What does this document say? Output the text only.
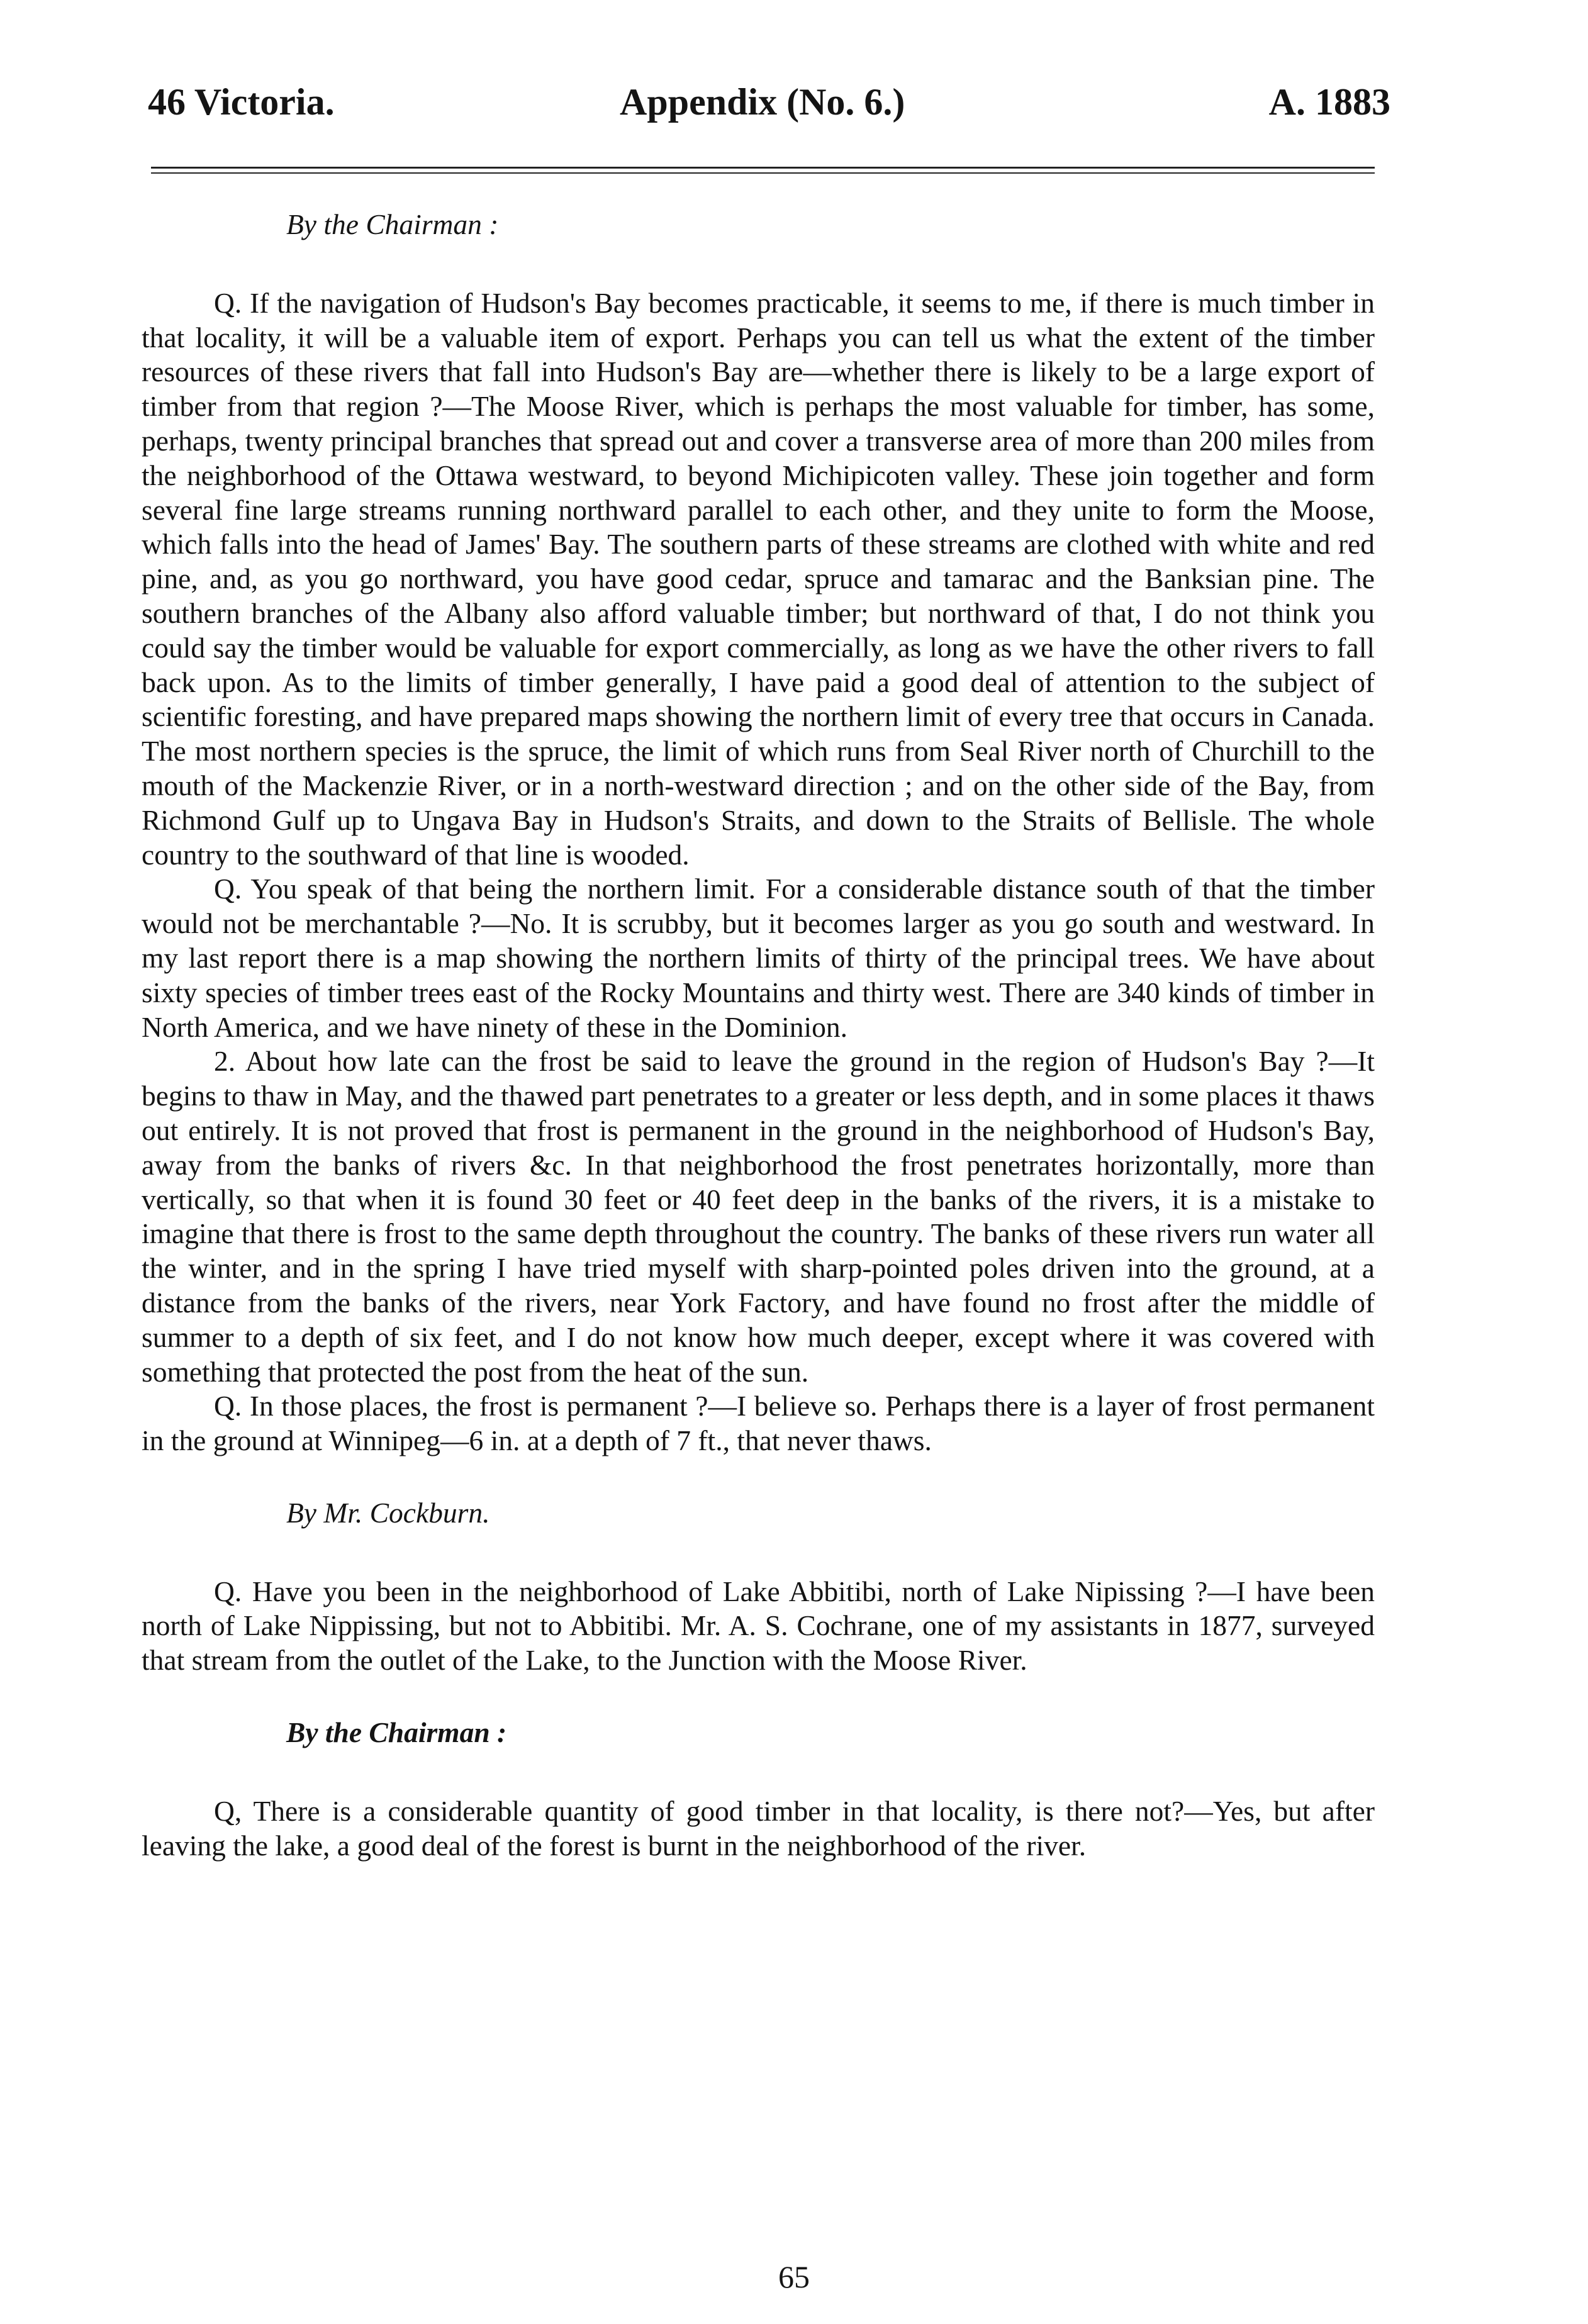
46 Victoria.	Appendix (No. 6.)	A. 1883

By the Chairman :

Q. If the navigation of Hudson's Bay becomes practicable, it seems to me, if there is much timber in that locality, it will be a valuable item of export. Perhaps you can tell us what the extent of the timber resources of these rivers that fall into Hudson's Bay are—whether there is likely to be a large export of timber from that region ?—The Moose River, which is perhaps the most valuable for timber, has some, perhaps, twenty principal branches that spread out and cover a transverse area of more than 200 miles from the neighborhood of the Ottawa westward, to beyond Michipicoten valley. These join together and form several fine large streams running northward parallel to each other, and they unite to form the Moose, which falls into the head of James' Bay. The southern parts of these streams are clothed with white and red pine, and, as you go northward, you have good cedar, spruce and tamarac and the Banksian pine. The southern branches of the Albany also afford valuable timber; but northward of that, I do not think you could say the timber would be valuable for export commercially, as long as we have the other rivers to fall back upon. As to the limits of timber generally, I have paid a good deal of attention to the subject of scientific foresting, and have prepared maps showing the northern limit of every tree that occurs in Canada. The most northern species is the spruce, the limit of which runs from Seal River north of Churchill to the mouth of the Mackenzie River, or in a north-westward direction ; and on the other side of the Bay, from Richmond Gulf up to Ungava Bay in Hudson's Straits, and down to the Straits of Bellisle. The whole country to the southward of that line is wooded.

Q. You speak of that being the northern limit. For a considerable distance south of that the timber would not be merchantable ?—No. It is scrubby, but it becomes larger as you go south and westward. In my last report there is a map showing the northern limits of thirty of the principal trees. We have about sixty species of timber trees east of the Rocky Mountains and thirty west. There are 340 kinds of timber in North America, and we have ninety of these in the Dominion.

2. About how late can the frost be said to leave the ground in the region of Hudson's Bay ?—It begins to thaw in May, and the thawed part penetrates to a greater or less depth, and in some places it thaws out entirely. It is not proved that frost is permanent in the ground in the neighborhood of Hudson's Bay, away from the banks of rivers &c. In that neighborhood the frost penetrates horizontally, more than vertically, so that when it is found 30 feet or 40 feet deep in the banks of the rivers, it is a mistake to imagine that there is frost to the same depth throughout the country. The banks of these rivers run water all the winter, and in the spring I have tried myself with sharp-pointed poles driven into the ground, at a distance from the banks of the rivers, near York Factory, and have found no frost after the middle of summer to a depth of six feet, and I do not know how much deeper, except where it was covered with something that protected the post from the heat of the sun.

Q. In those places, the frost is permanent ?—I believe so. Perhaps there is a layer of frost permanent in the ground at Winnipeg—6 in. at a depth of 7 ft., that never thaws.

By Mr. Cockburn.

Q. Have you been in the neighborhood of Lake Abbitibi, north of Lake Nipissing ?—I have been north of Lake Nippissing, but not to Abbitibi. Mr. A. S. Cochrane, one of my assistants in 1877, surveyed that stream from the outlet of the Lake, to the Junction with the Moose River.

By the Chairman :

Q, There is a considerable quantity of good timber in that locality, is there not?—Yes, but after leaving the lake, a good deal of the forest is burnt in the neighborhood of the river.

65
